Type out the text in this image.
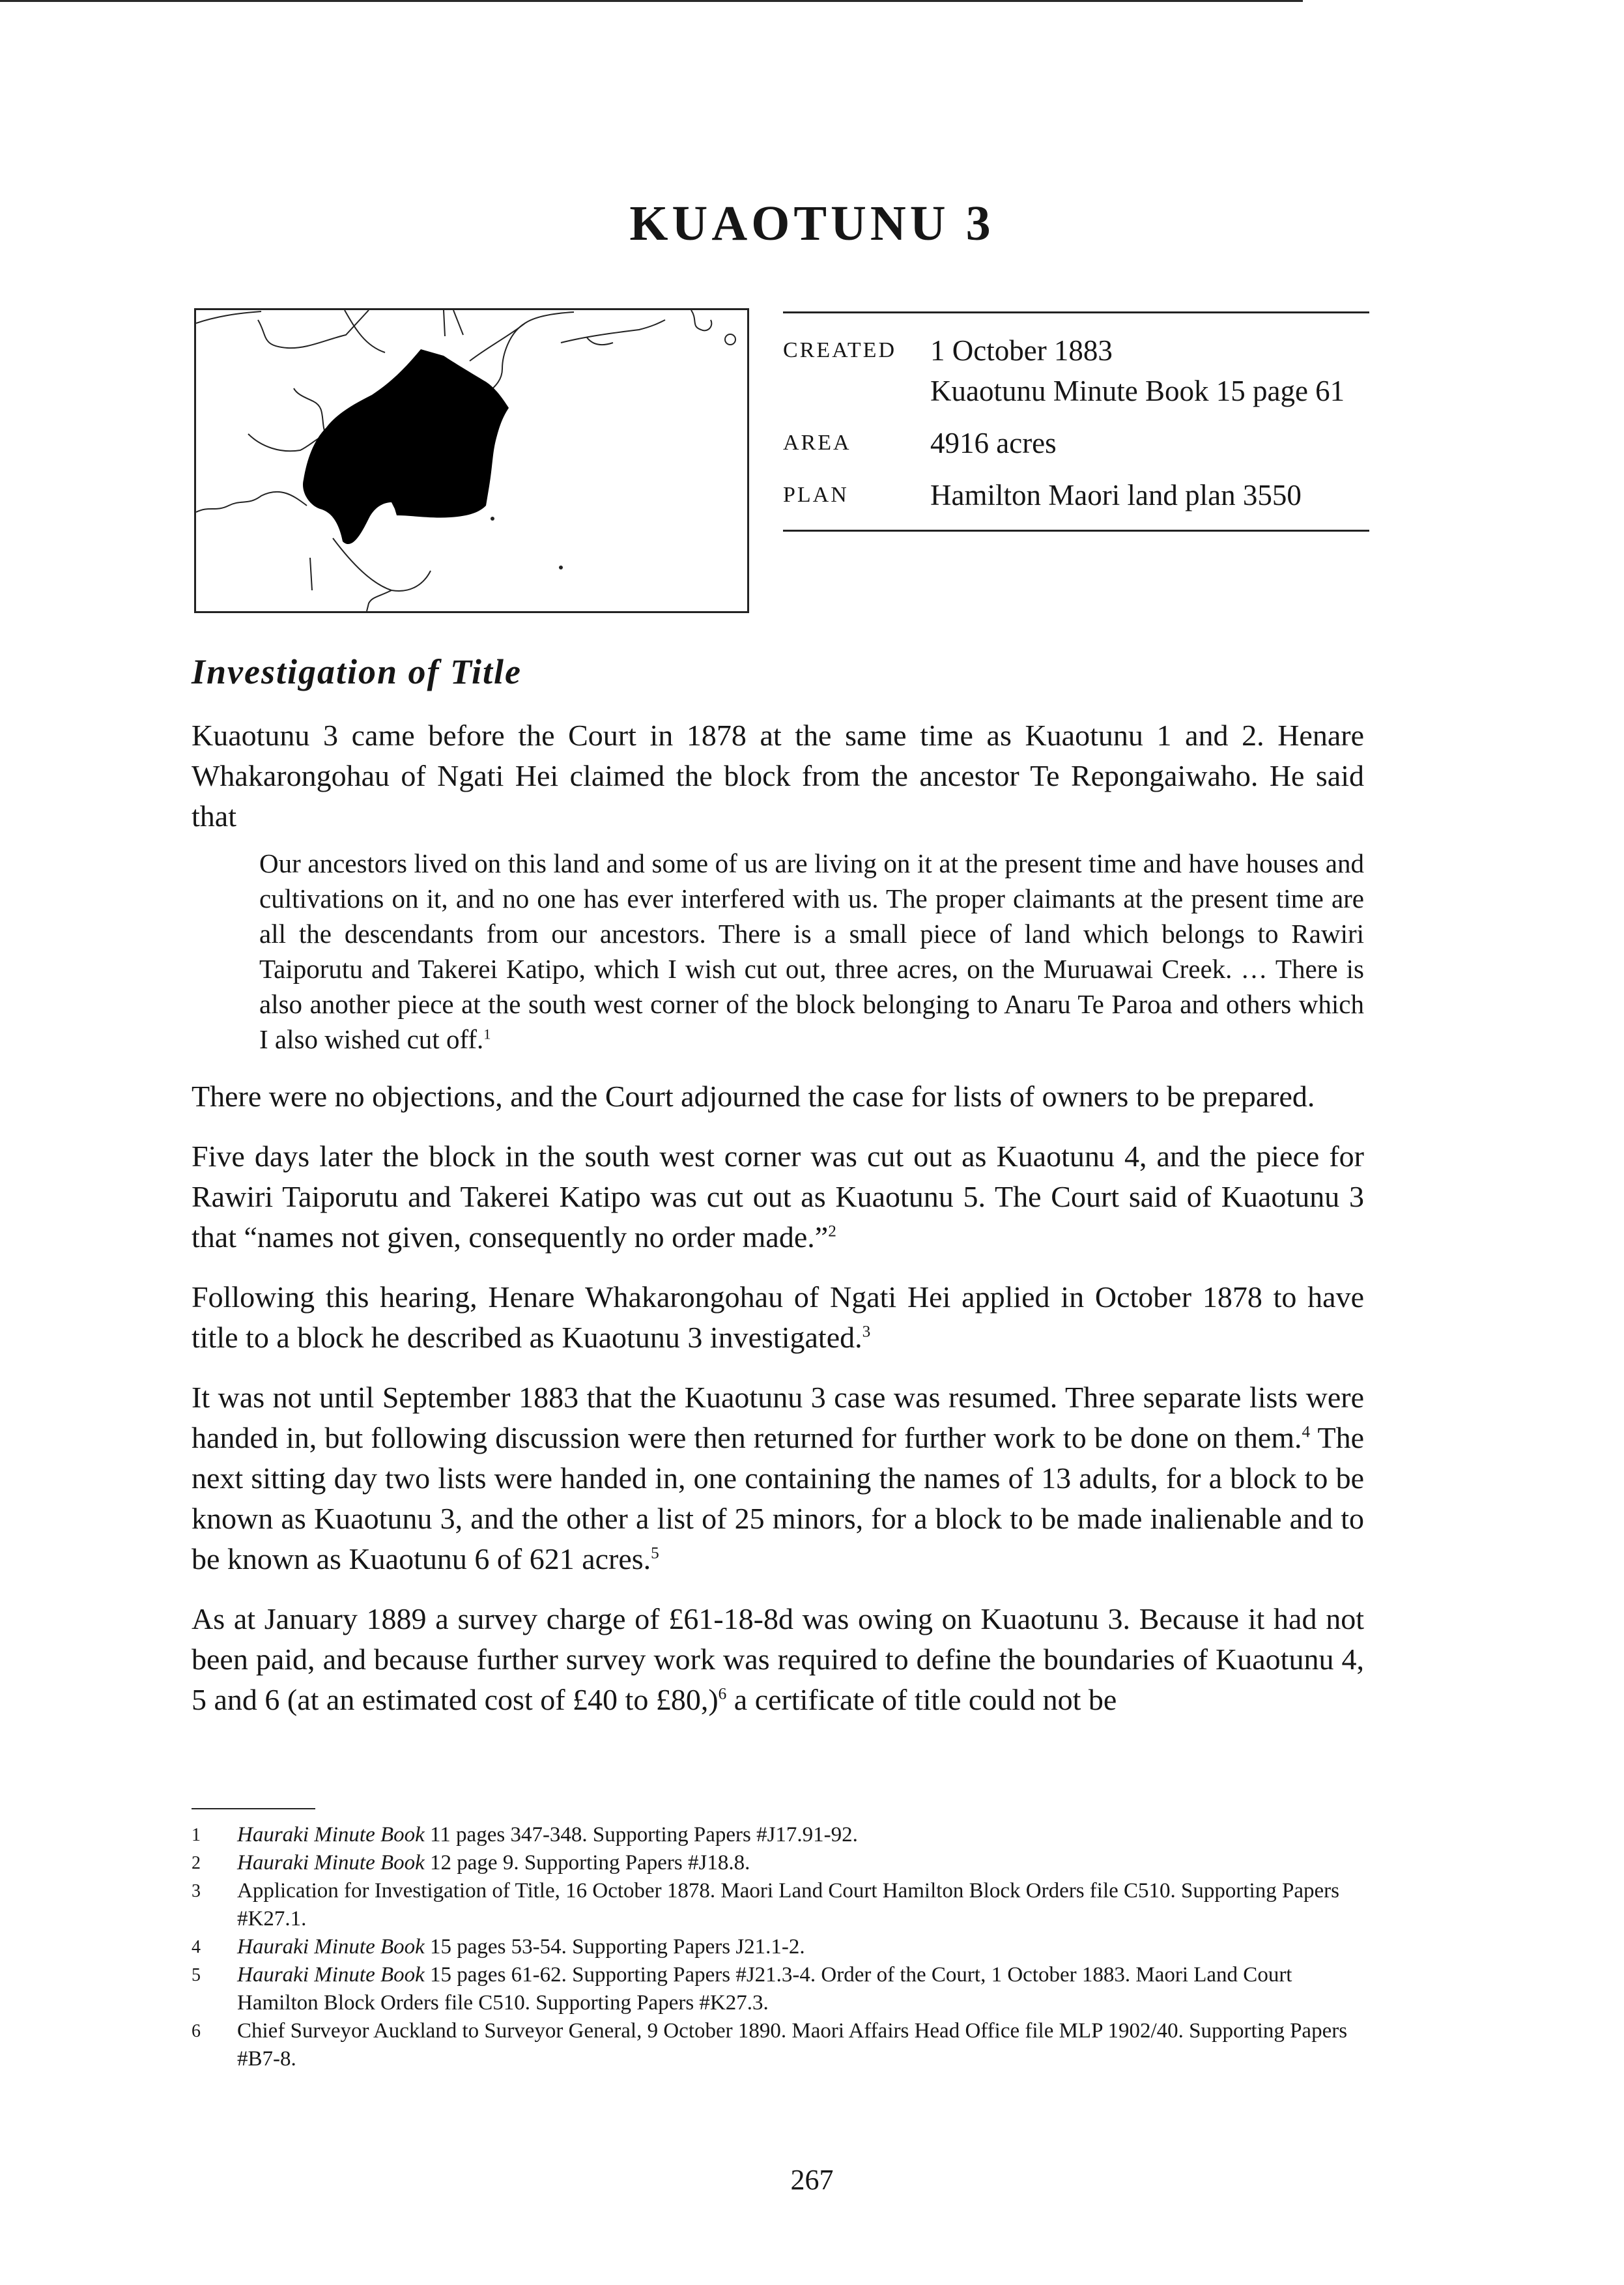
KUAOTUNU 3
CREATED	1 October 1883
Kuaotunu Minute Book 15 page 61
AREA	4916 acres
PLAN	Hamilton Maori land plan 3550
Investigation of Title

Kuaotunu 3 came before the Court in 1878 at the same time as Kuaotunu 1 and 2. Henare Whakarongohau of Ngati Hei claimed the block from the ancestor Te Repongaiwaho. He said that

Our ancestors lived on this land and some of us are living on it at the present time and have houses and cultivations on it, and no one has ever interfered with us. The proper claimants at the present time are all the descendants from our ancestors. There is a small piece of land which belongs to Rawiri Taiporutu and Takerei Katipo, which I wish cut out, three acres, on the Muruawai Creek. … There is also another piece at the south west corner of the block belonging to Anaru Te Paroa and others which I also wished cut off.$^1$

There were no objections, and the Court adjourned the case for lists of owners to be prepared.

Five days later the block in the south west corner was cut out as Kuaotunu 4, and the piece for Rawiri Taiporutu and Takerei Katipo was cut out as Kuaotunu 5. The Court said of Kuaotunu 3 that “names not given, consequently no order made.”$^2$

Following this hearing, Henare Whakarongohau of Ngati Hei applied in October 1878 to have title to a block he described as Kuaotunu 3 investigated.$^3$

It was not until September 1883 that the Kuaotunu 3 case was resumed. Three separate lists were handed in, but following discussion were then returned for further work to be done on them.$^4$ The next sitting day two lists were handed in, one containing the names of 13 adults, for a block to be known as Kuaotunu 3, and the other a list of 25 minors, for a block to be made inalienable and to be known as Kuaotunu 6 of 621 acres.$^5$

As at January 1889 a survey charge of £61-18-8d was owing on Kuaotunu 3. Because it had not been paid, and because further survey work was required to define the boundaries of Kuaotunu 4, 5 and 6 (at an estimated cost of £40 to £80,)$^6$ a certificate of title could not be

1	Hauraki Minute Book 11 pages 347-348. Supporting Papers #J17.91-92.
2	Hauraki Minute Book 12 page 9. Supporting Papers #J18.8.
3	Application for Investigation of Title, 16 October 1878. Maori Land Court Hamilton Block Orders file C510. Supporting Papers #K27.1.
4	Hauraki Minute Book 15 pages 53-54. Supporting Papers J21.1-2.
5	Hauraki Minute Book 15 pages 61-62. Supporting Papers #J21.3-4. Order of the Court, 1 October 1883. Maori Land Court Hamilton Block Orders file C510. Supporting Papers #K27.3.
6	Chief Surveyor Auckland to Surveyor General, 9 October 1890. Maori Affairs Head Office file MLP 1902/40. Supporting Papers #B7-8.
267
